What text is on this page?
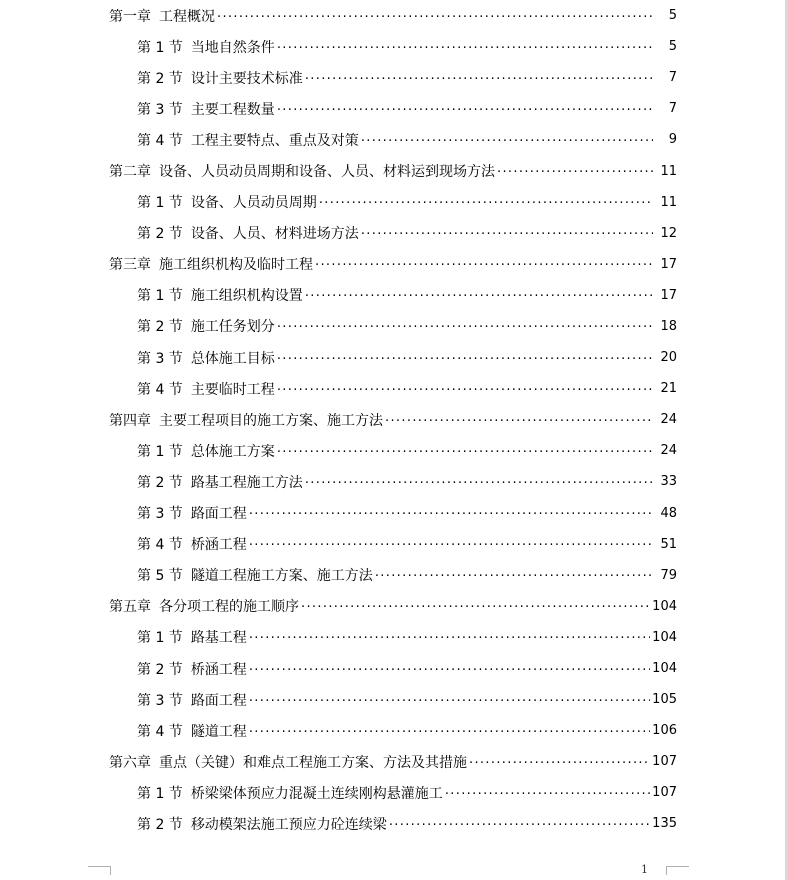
第一章 工程概况 . . .	5
第 1 节 当地自然条件 . . .	5
第 2 节 设计主要技术标准 . . .	7
第 3 节 主要工程数量 . . .	7
第 4 节 工程主要特点、重点及对策 . . .	9
第二章 设备、人员动员周期和设备、人员、材料运到现场方法 . . .	11
第 1 节 设备、人员动员周期 . . .	11
第 2 节 设备、人员、材料进场方法 . . .	12
第三章 施工组织机构及临时工程 . . .	17
第 1 节 施工组织机构设置 . . .	17
第 2 节 施工任务划分 . . .	18
第 3 节 总体施工目标 . . .	20
第 4 节 主要临时工程 . . .	21
第四章 主要工程项目的施工方案、施工方法 . . .	24
第 1 节 总体施工方案 . . .	24
第 2 节 路基工程施工方法 . . .	33
第 3 节 路面工程 . . .	48
第 4 节 桥涵工程 . . .	51
第 5 节 隧道工程施工方案、施工方法 . . .	79
第五章 各分项工程的施工顺序 . . .	104
第 1 节 路基工程 . . .	104
第 2 节 桥涵工程 . . .	104
第 3 节 路面工程 . . .	105
第 4 节 隧道工程 . . .	106
第六章 重点（关键）和难点工程施工方案、方法及其措施 . . .	107
第 1 节 桥梁梁体预应力混凝土连续刚构悬灌施工 . . .	107
第 2 节 移动模架法施工预应力砼连续梁 . . .	135
1
